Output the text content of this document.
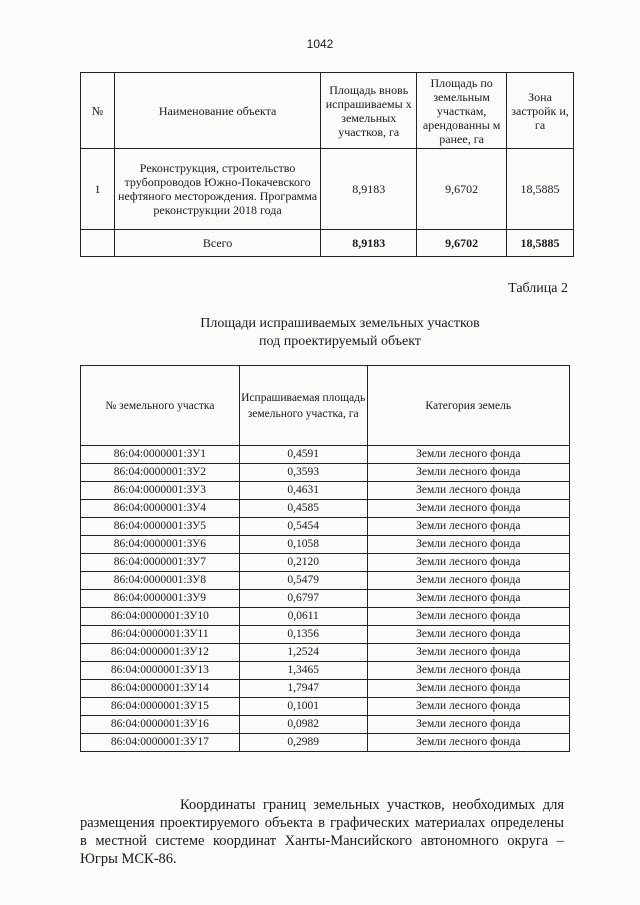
1042
№	Наименование объекта	Площадь вновь испрашиваемы х земельных участков, га	Площадь по земельным участкам, арендованны м ранее, га	Зона застройк и, га
1	Реконструкция, строительство трубопроводов Южно-Покачевского нефтяного месторождения. Программа реконструкции 2018 года	8,9183	9,6702	18,5885
	Всего	8,9183	9,6702	18,5885
Таблица 2
Площади испрашиваемых земельных участков
под проектируемый объект
№ земельного участка	Испрашиваемая площадь земельного участка, га	Категория земель
86:04:0000001:ЗУ1	0,4591	Земли лесного фонда
86:04:0000001:ЗУ2	0,3593	Земли лесного фонда
86:04:0000001:ЗУ3	0,4631	Земли лесного фонда
86:04:0000001:ЗУ4	0,4585	Земли лесного фонда
86:04:0000001:ЗУ5	0,5454	Земли лесного фонда
86:04:0000001:ЗУ6	0,1058	Земли лесного фонда
86:04:0000001:ЗУ7	0,2120	Земли лесного фонда
86:04:0000001:ЗУ8	0,5479	Земли лесного фонда
86:04:0000001:ЗУ9	0,6797	Земли лесного фонда
86:04:0000001:ЗУ10	0,0611	Земли лесного фонда
86:04:0000001:ЗУ11	0,1356	Земли лесного фонда
86:04:0000001:ЗУ12	1,2524	Земли лесного фонда
86:04:0000001:ЗУ13	1,3465	Земли лесного фонда
86:04:0000001:ЗУ14	1,7947	Земли лесного фонда
86:04:0000001:ЗУ15	0,1001	Земли лесного фонда
86:04:0000001:ЗУ16	0,0982	Земли лесного фонда
86:04:0000001:ЗУ17	0,2989	Земли лесного фонда
Координаты границ земельных участков, необходимых для размещения проектируемого объекта в графических материалах определены в местной системе координат Ханты-Мансийского автономного округа – Югры МСК-86.
